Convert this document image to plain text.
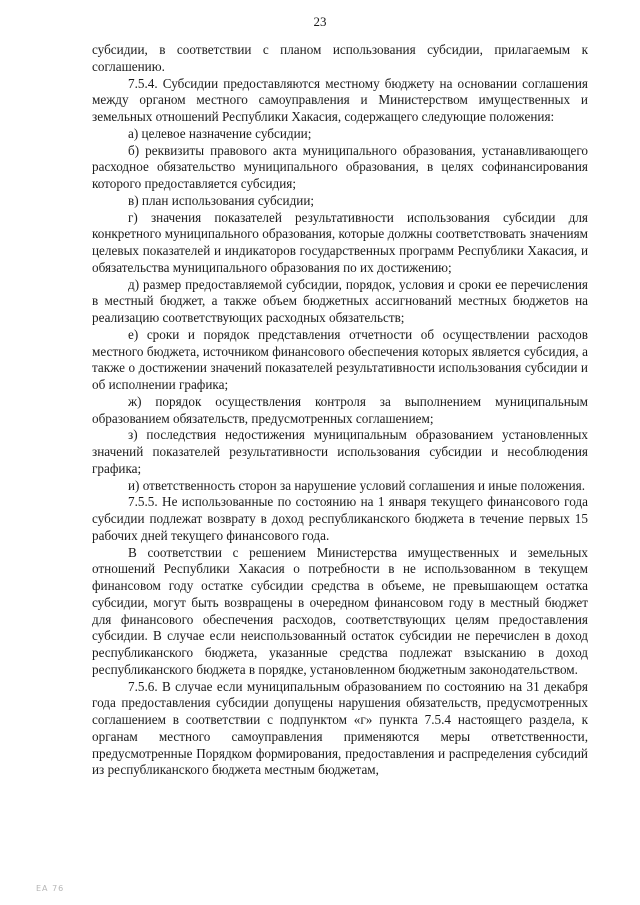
23

субсидии, в соответствии с планом использования субсидии, прилагаемым к соглашению.

7.5.4. Субсидии предоставляются местному бюджету на основании соглашения между органом местного самоуправления и Министерством имущественных и земельных отношений Республики Хакасия, содержащего следующие положения:

а) целевое назначение субсидии;

б) реквизиты правового акта муниципального образования, устанавливающего расходное обязательство муниципального образования, в целях софинансирования которого предоставляется субсидия;

в) план использования субсидии;

г) значения показателей результативности использования субсидии для конкретного муниципального образования, которые должны соответствовать значениям целевых показателей и индикаторов государственных программ Республики Хакасия, и обязательства муниципального образования по их достижению;

д) размер предоставляемой субсидии, порядок, условия и сроки ее перечисления в местный бюджет, а также объем бюджетных ассигнований местных бюджетов на реализацию соответствующих расходных обязательств;

е) сроки и порядок представления отчетности об осуществлении расходов местного бюджета, источником финансового обеспечения которых является субсидия, а также о достижении значений показателей результативности использования субсидии и об исполнении графика;

ж) порядок осуществления контроля за выполнением муниципальным образованием обязательств, предусмотренных соглашением;

з) последствия недостижения муниципальным образованием установленных значений показателей результативности использования субсидии и несоблюдения графика;

и) ответственность сторон за нарушение условий соглашения и иные положения.

7.5.5. Не использованные по состоянию на 1 января текущего финансового года субсидии подлежат возврату в доход республиканского бюджета в течение первых 15 рабочих дней текущего финансового года.

В соответствии с решением Министерства имущественных и земельных отношений Республики Хакасия о потребности в не использованном в текущем финансовом году остатке субсидии средства в объеме, не превышающем остатка субсидии, могут быть возвращены в очередном финансовом году в местный бюджет для финансового обеспечения расходов, соответствующих целям предоставления субсидии. В случае если неиспользованный остаток субсидии не перечислен в доход республиканского бюджета, указанные средства подлежат взысканию в доход республиканского бюджета в порядке, установленном бюджетным законодательством.

7.5.6. В случае если муниципальным образованием по состоянию на 31 декабря года предоставления субсидии допущены нарушения обязательств, предусмотренных соглашением в соответствии с подпунктом «г» пункта 7.5.4 настоящего раздела, к органам местного самоуправления применяются меры ответственности, предусмотренные Порядком формирования, предоставления и распределения субсидий из республиканского бюджета местным бюджетам,

ЕА 76
